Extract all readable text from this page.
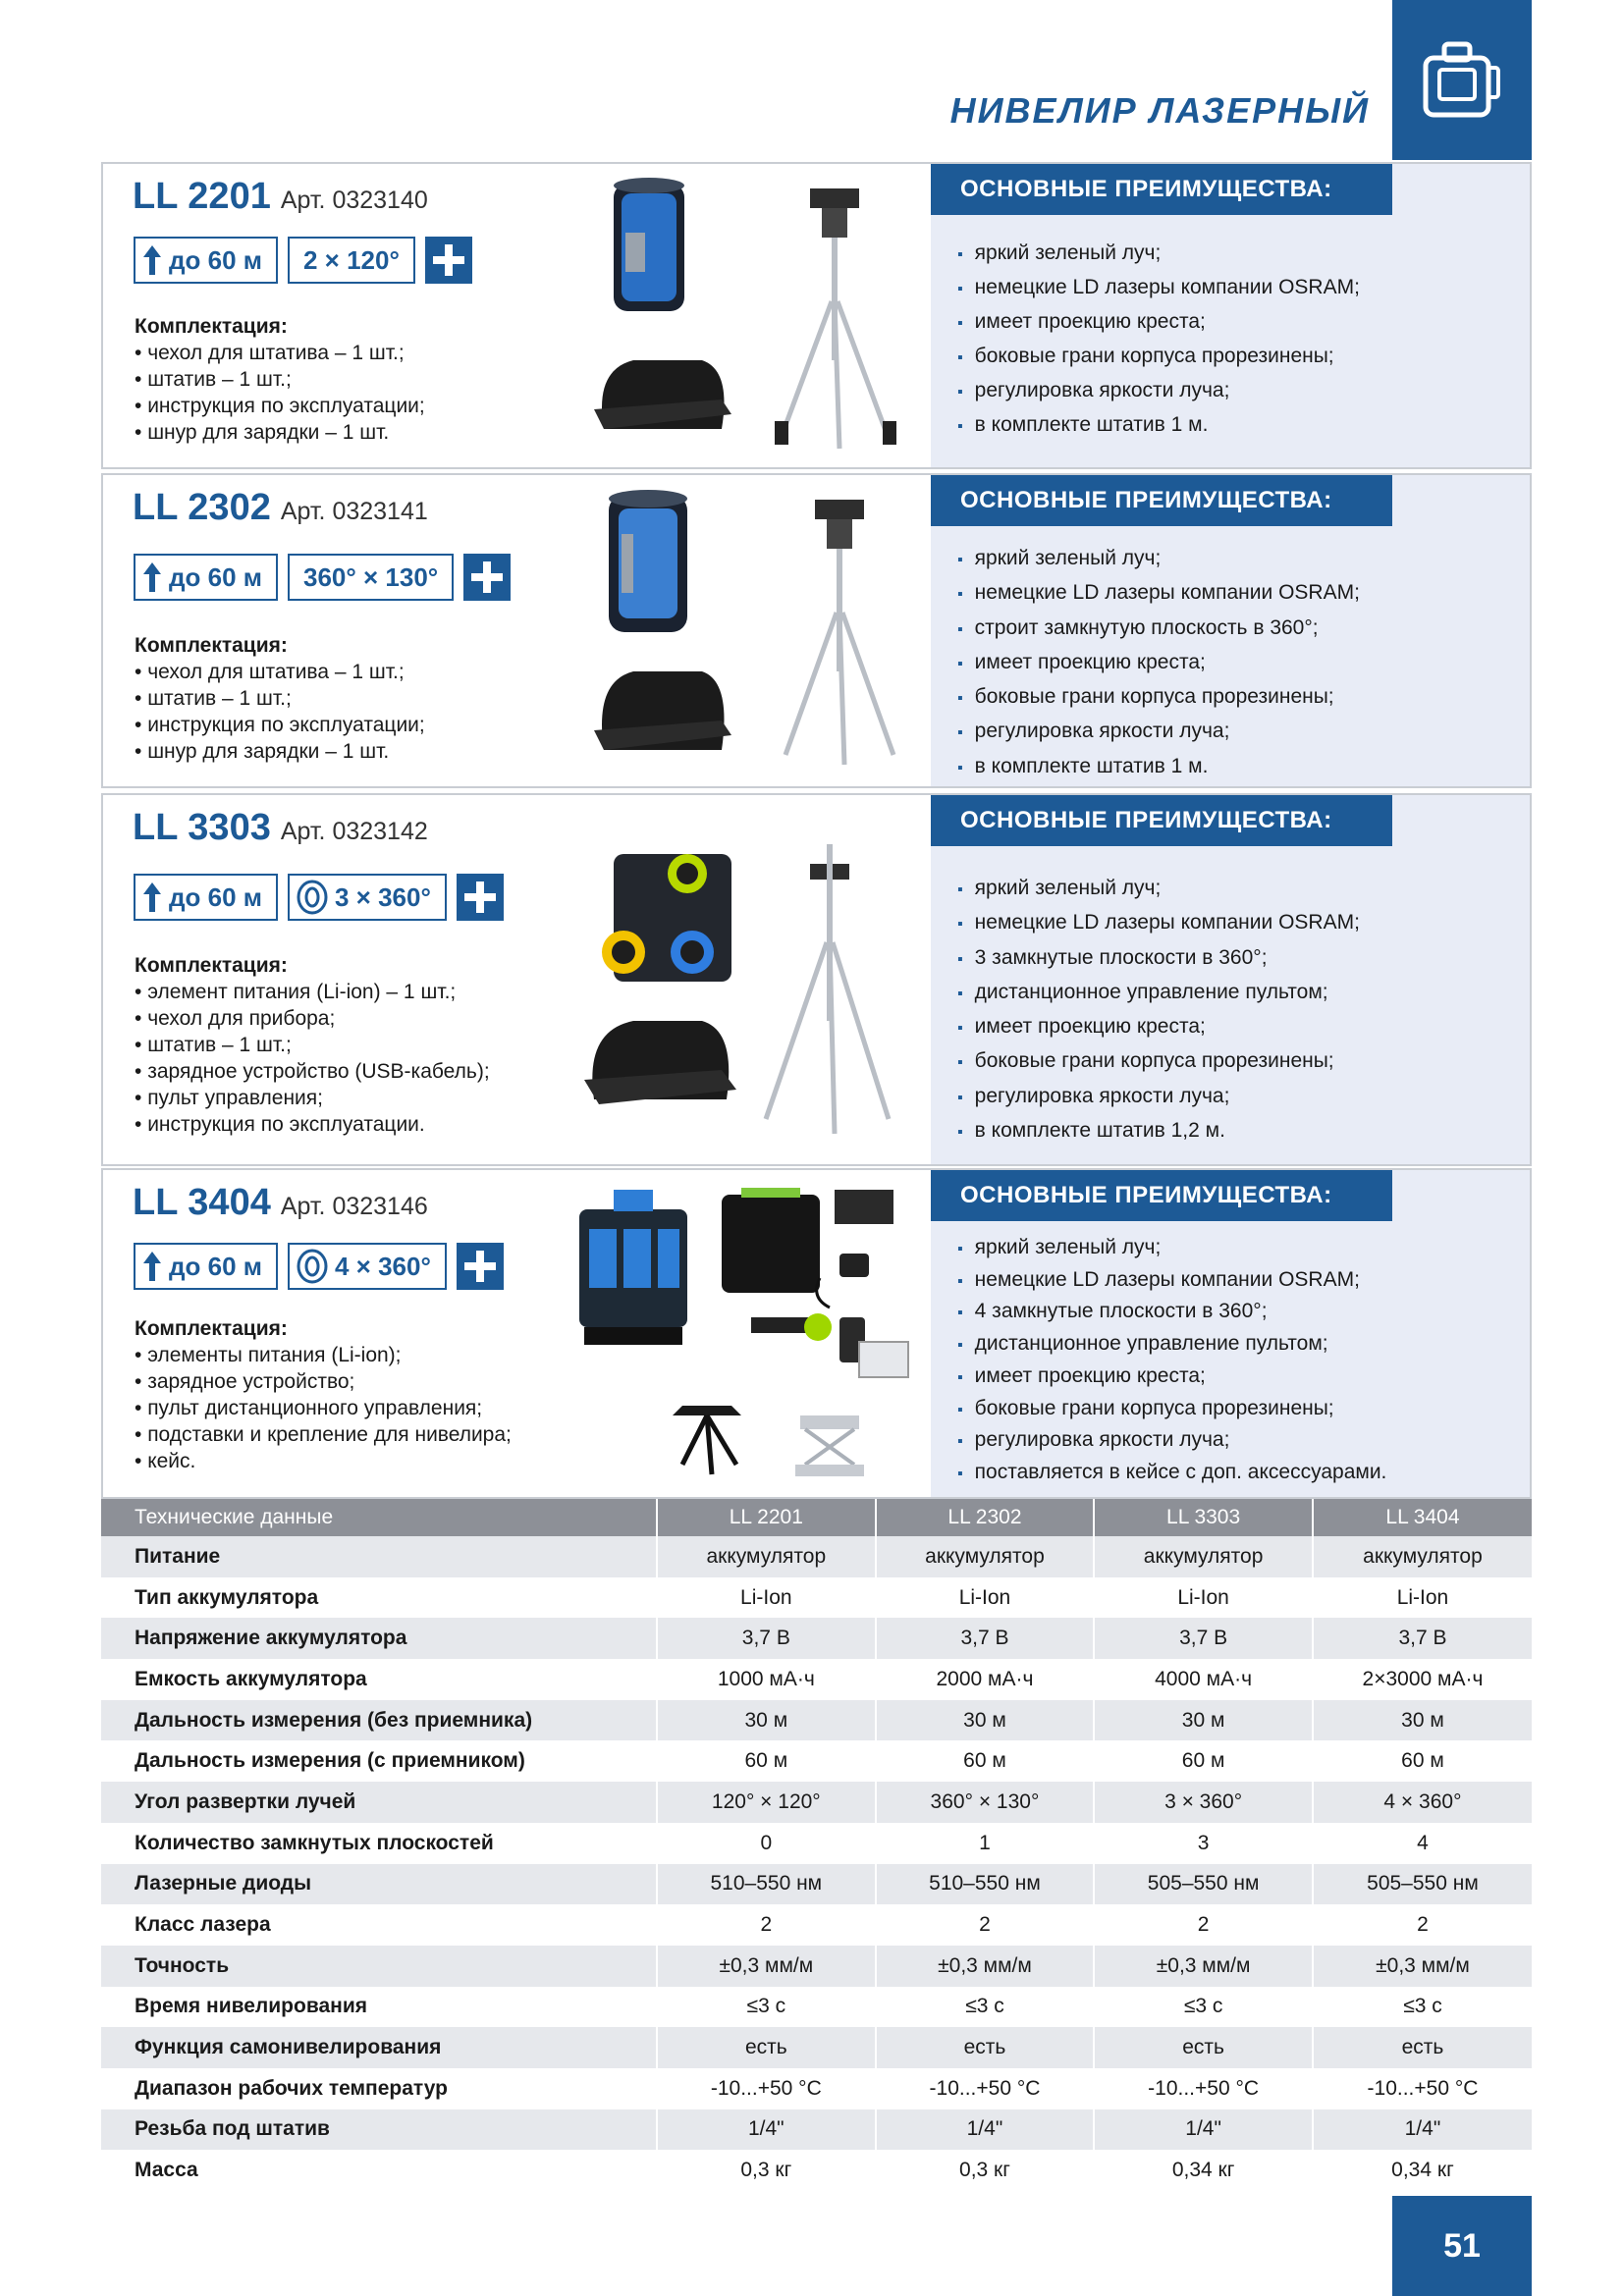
НИВЕЛИР ЛАЗЕРНЫЙ
LL 2201 Арт. 0323140
до 60 м 2 × 120°
Комплектация:
• чехол для штатива – 1 шт.;
• штатив – 1 шт.;
• инструкция по эксплуатации;
• шнур для зарядки – 1 шт.
ОСНОВНЫЕ ПРЕИМУЩЕСТВА:
▪ яркий зеленый луч;
▪ немецкие LD лазеры компании OSRAM;
▪ имеет проекцию креста;
▪ боковые грани корпуса прорезинены;
▪ регулировка яркости луча;
▪ в комплекте штатив 1 м.
LL 2302 Арт. 0323141
до 60 м 360° × 130°
Комплектация:
• чехол для штатива – 1 шт.;
• штатив – 1 шт.;
• инструкция по эксплуатации;
• шнур для зарядки – 1 шт.
ОСНОВНЫЕ ПРЕИМУЩЕСТВА:
▪ яркий зеленый луч;
▪ немецкие LD лазеры компании OSRAM;
▪ строит замкнутую плоскость в 360°;
▪ имеет проекцию креста;
▪ боковые грани корпуса прорезинены;
▪ регулировка яркости луча;
▪ в комплекте штатив 1 м.
LL 3303 Арт. 0323142
до 60 м	3 × 360°
Комплектация:
• элемент питания (Li-ion) – 1 шт.;
• чехол для прибора;
• штатив – 1 шт.;
• зарядное устройство (USB-кабель);
• пульт управления;
• инструкция по эксплуатации.
ОСНОВНЫЕ ПРЕИМУЩЕСТВА:
▪ яркий зеленый луч;
▪ немецкие LD лазеры компании OSRAM;
▪ 3 замкнутые плоскости в 360°;
▪ дистанционное управление пультом;
▪ имеет проекцию креста;
▪ боковые грани корпуса прорезинены;
▪ регулировка яркости луча;
▪ в комплекте штатив 1,2 м.
LL 3404 Арт. 0323146
до 60 м	4 × 360°
Комплектация:
• элементы питания (Li-ion);
• зарядное устройство;
• пульт дистанционного управления;
• подставки и крепление для нивелира;
• кейс.
ОСНОВНЫЕ ПРЕИМУЩЕСТВА:
▪ яркий зеленый луч;
▪ немецкие LD лазеры компании OSRAM;
▪ 4 замкнутые плоскости в 360°;
▪ дистанционное управление пультом;
▪ имеет проекцию креста;
▪ боковые грани корпуса прорезинены;
▪ регулировка яркости луча;
▪ поставляется в кейсе с доп. аксессуарами.
Технические данные	LL 2201	LL 2302	LL 3303	LL 3404
Питание	аккумулятор	аккумулятор	аккумулятор	аккумулятор
Тип аккумулятора	Li-Ion	Li-Ion	Li-Ion	Li-Ion
Напряжение аккумулятора	3,7 В	3,7 В	3,7 В	3,7 В
Емкость аккумулятора	1000 мА·ч	2000 мА·ч	4000 мА·ч	2×3000 мА·ч
Дальность измерения (без приемника)	30 м	30 м	30 м	30 м
Дальность измерения (с приемником)	60 м	60 м	60 м	60 м
Угол развертки лучей	120° × 120°	360° × 130°	3 × 360°	4 × 360°
Количество замкнутых плоскостей	0	1	3	4
Лазерные диоды	510–550 нм	510–550 нм	505–550 нм	505–550 нм
Класс лазера	2	2	2	2
Точность	±0,3 мм/м	±0,3 мм/м	±0,3 мм/м	±0,3 мм/м
Время нивелирования	≤3 с	≤3 с	≤3 с	≤3 с
Функция самонивелирования	есть	есть	есть	есть
Диапазон рабочих температур	-10...+50 °С	-10...+50 °С	-10...+50 °С	-10...+50 °С
Резьба под штатив	1/4"	1/4"	1/4"	1/4"
Масса	0,3 кг	0,3 кг	0,34 кг	0,34 кг
51
